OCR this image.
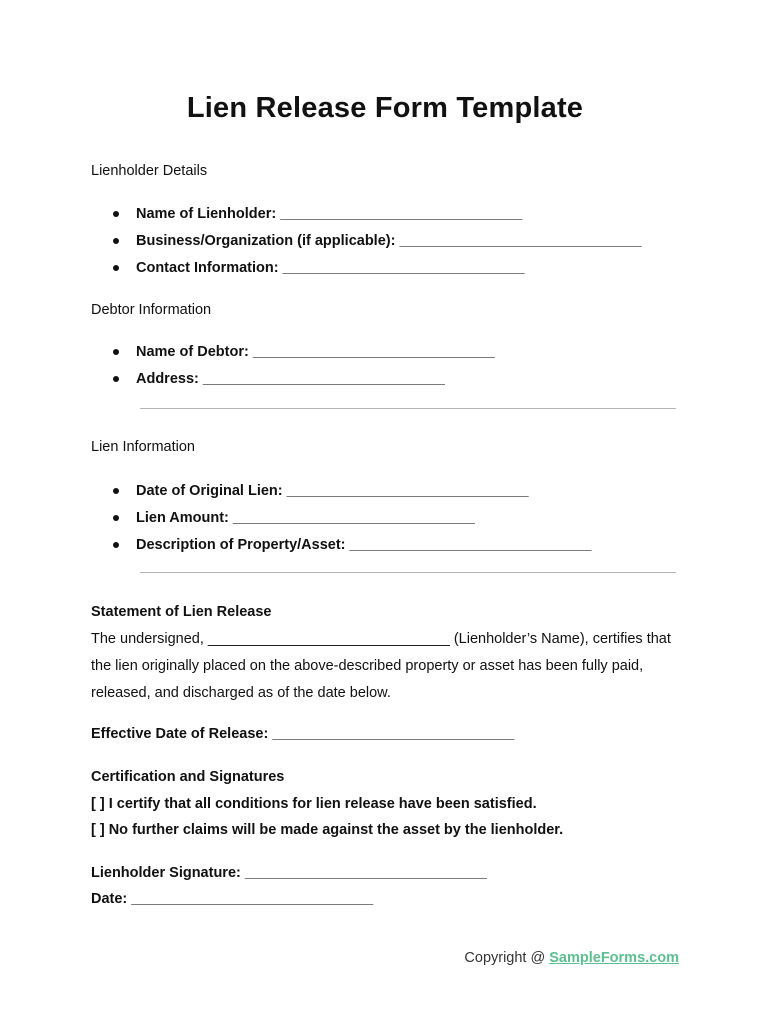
Lien Release Form Template
Lienholder Details
Name of Lienholder: ______________________________
Business/Organization (if applicable): ______________________________
Contact Information: ______________________________
Debtor Information
Name of Debtor: ______________________________
Address: ______________________________
Lien Information
Date of Original Lien: ______________________________
Lien Amount: ______________________________
Description of Property/Asset: ______________________________
Statement of Lien Release
The undersigned, ______________________________ (Lienholder’s Name), certifies that
the lien originally placed on the above-described property or asset has been fully paid,
released, and discharged as of the date below.
Effective Date of Release: ______________________________
Certification and Signatures
[ ] I certify that all conditions for lien release have been satisfied.
[ ] No further claims will be made against the asset by the lienholder.
Lienholder Signature: ______________________________
Date: ______________________________
Copyright @ SampleForms.com
